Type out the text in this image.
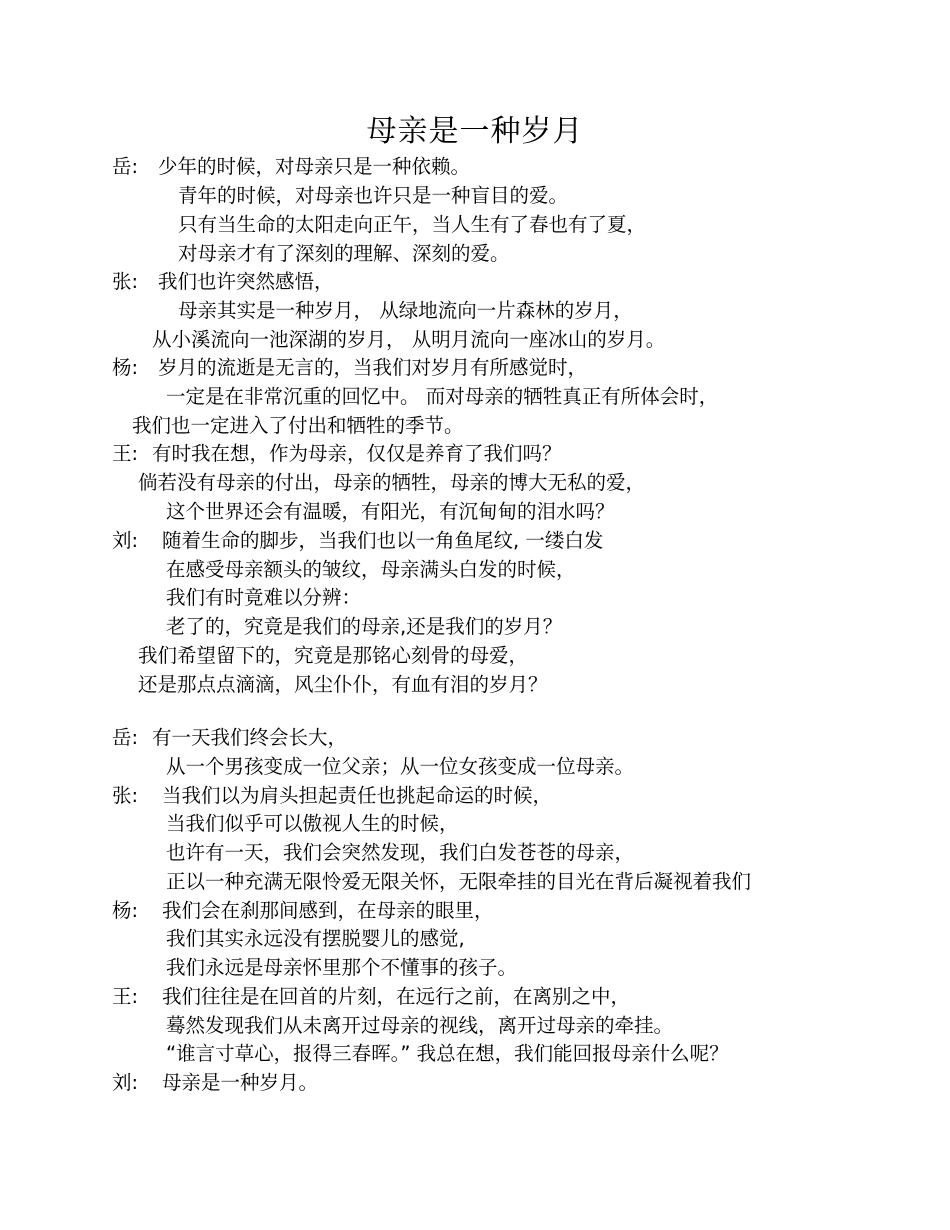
母亲是一种岁月
岳: 少年的时候，对母亲只是一种依赖。
青年的时候，对母亲也许只是一种盲目的爱。
只有当生命的太阳走向正午，当人生有了春也有了夏，
对母亲才有了深刻的理解、深刻的爱。
张: 我们也许突然感悟，
母亲其实是一种岁月， 从绿地流向一片森林的岁月，
从小溪流向一池深湖的岁月， 从明月流向一座冰山的岁月。
杨: 岁月的流逝是无言的，当我们对岁月有所感觉时，
一定是在非常沉重的回忆中。 而对母亲的牺牲真正有所体会时，
我们也一定进入了付出和牺牲的季节。
王: 有时我在想，作为母亲，仅仅是养育了我们吗？
倘若没有母亲的付出，母亲的牺牲，母亲的博大无私的爱，
这个世界还会有温暖，有阳光，有沉甸甸的泪水吗？
刘: 随着生命的脚步，当我们也以一角鱼尾纹, 一缕白发
在感受母亲额头的皱纹，母亲满头白发的时候，
我们有时竟难以分辨：
老了的，究竟是我们的母亲,还是我们的岁月？
我们希望留下的，究竟是那铭心刻骨的母爱，
还是那点点滴滴，风尘仆仆，有血有泪的岁月？
岳: 有一天我们终会长大，
从一个男孩变成一位父亲；从一位女孩变成一位母亲。
张: 当我们以为肩头担起责任也挑起命运的时候，
当我们似乎可以傲视人生的时候，
也许有一天，我们会突然发现，我们白发苍苍的母亲，
正以一种充满无限怜爱无限关怀，无限牵挂的目光在背后凝视着我们
杨: 我们会在刹那间感到，在母亲的眼里，
我们其实永远没有摆脱婴儿的感觉,
我们永远是母亲怀里那个不懂事的孩子。
王: 我们往往是在回首的片刻，在远行之前，在离别之中，
蓦然发现我们从未离开过母亲的视线，离开过母亲的牵挂。
“谁言寸草心，报得三春晖。” 我总在想，我们能回报母亲什么呢？
刘: 母亲是一种岁月。
